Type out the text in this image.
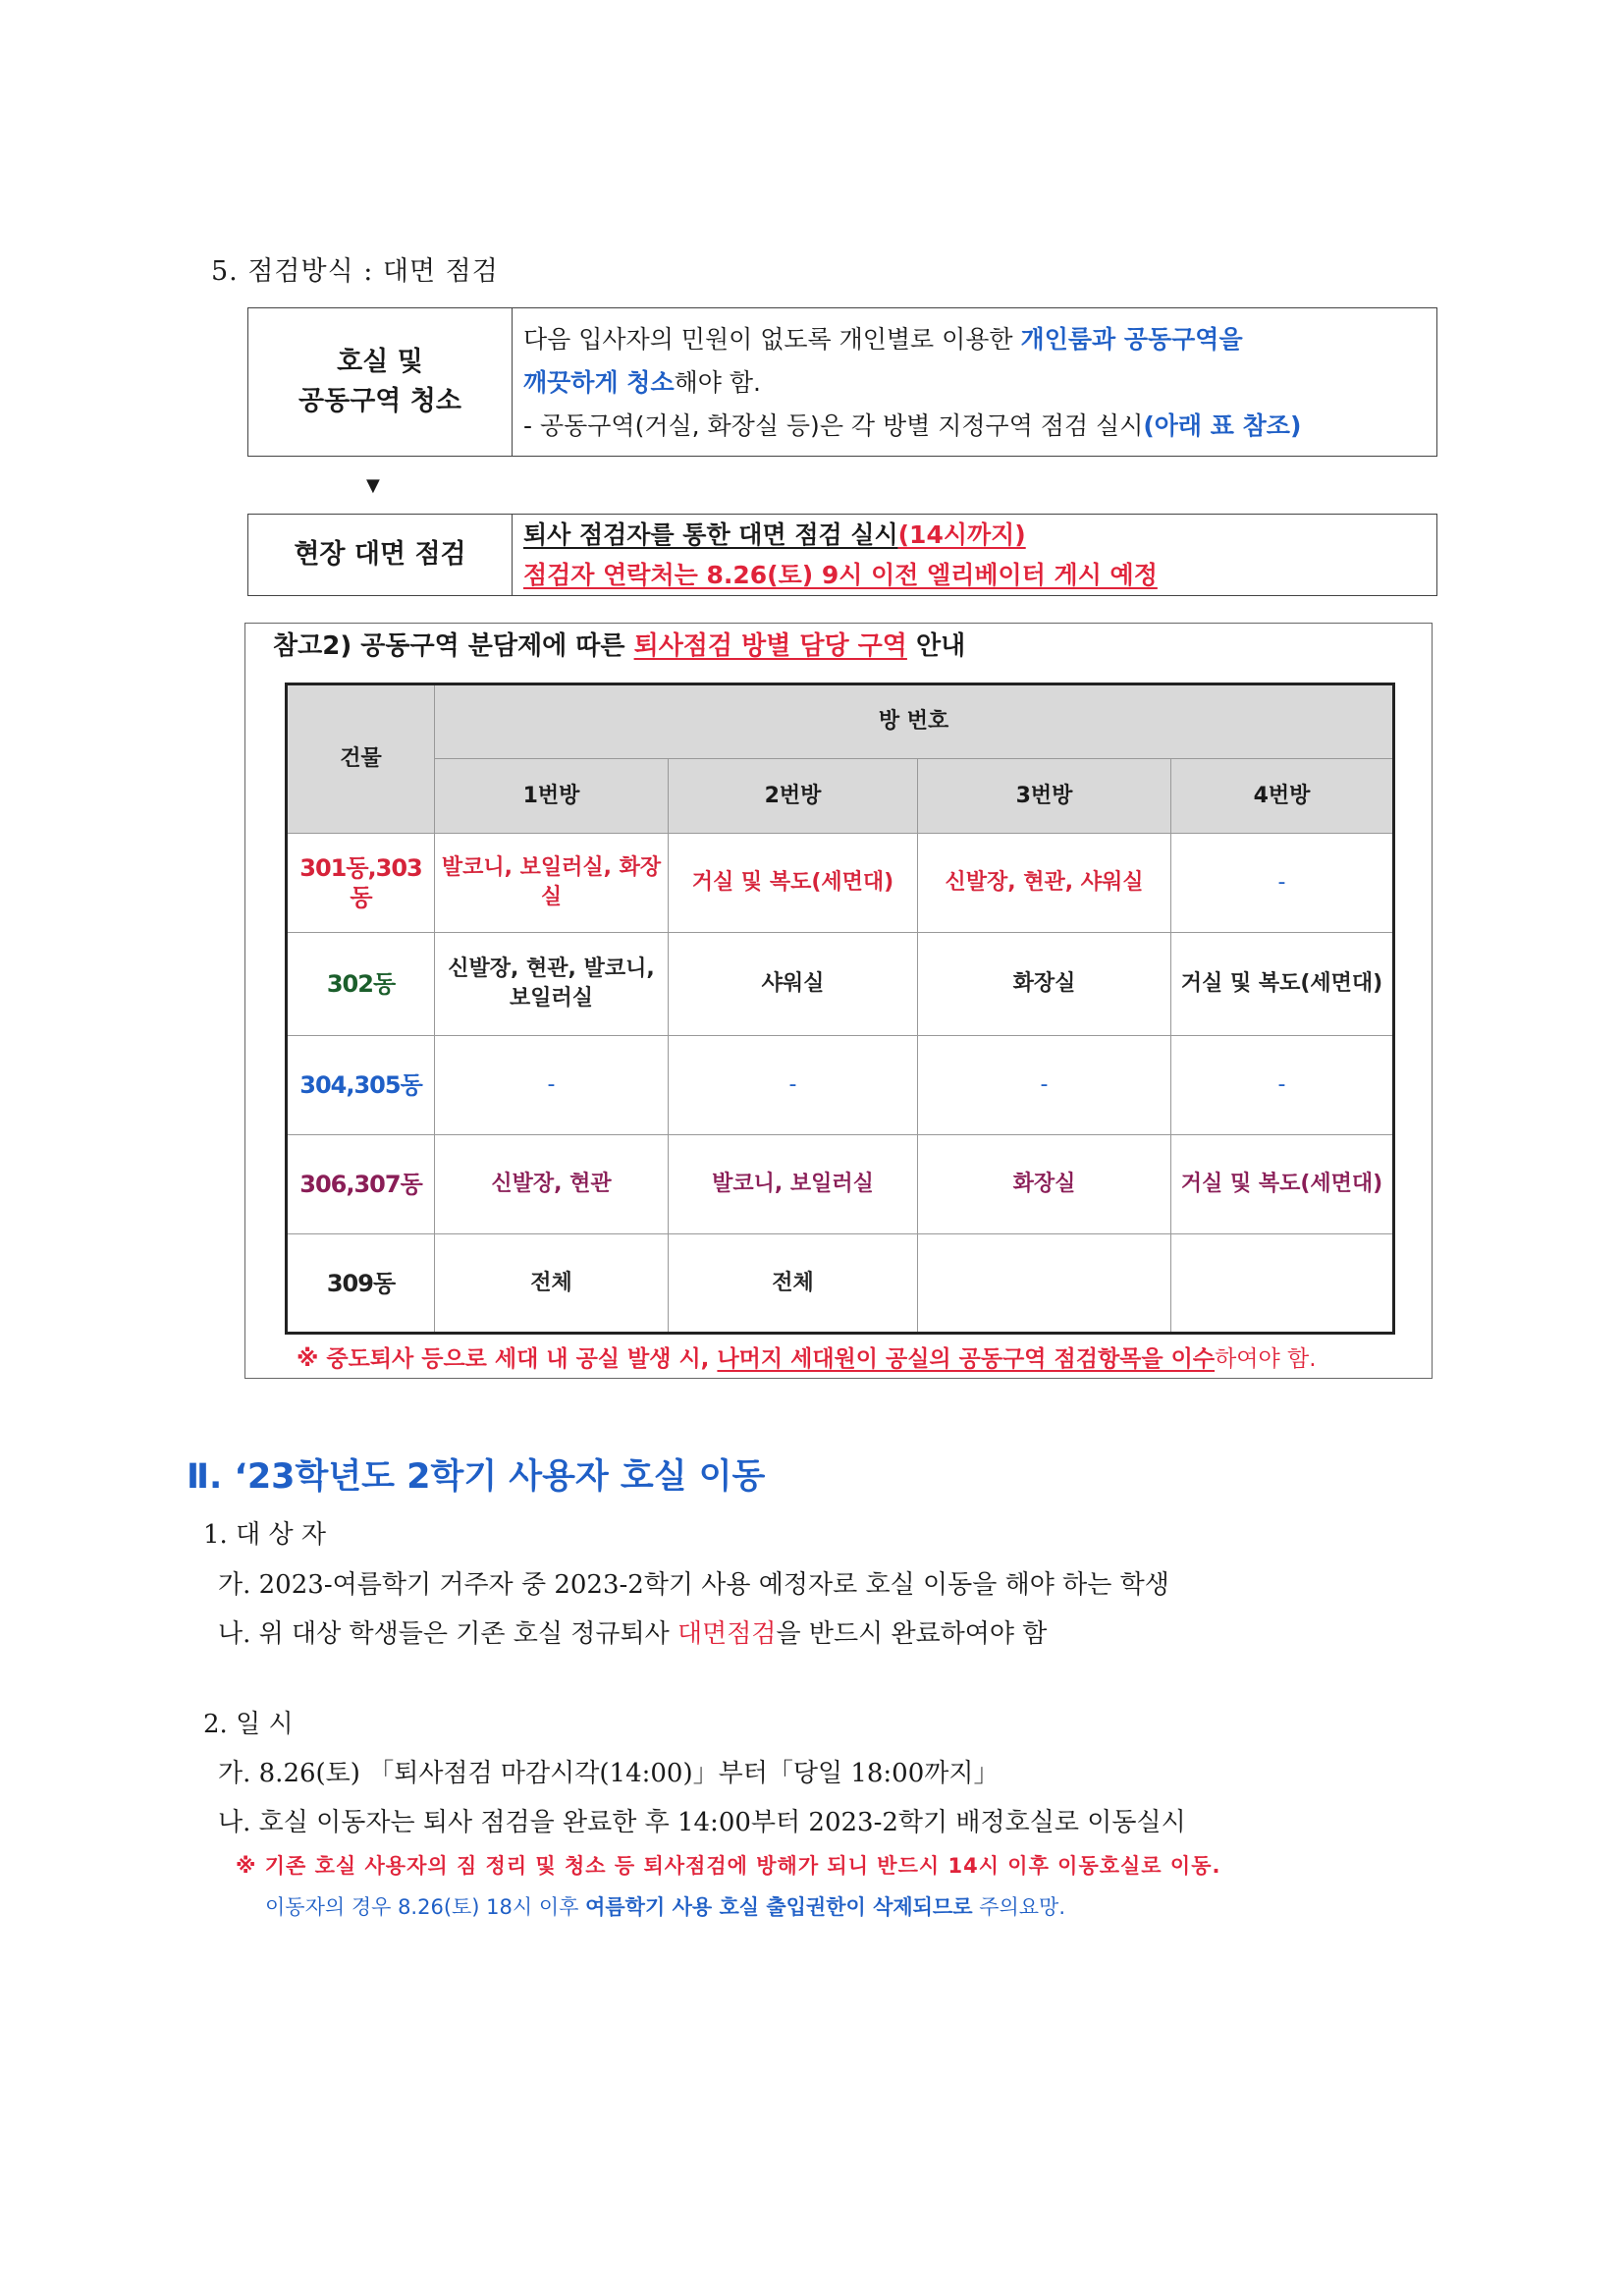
5. 점검방식 : 대면 점검
호실 및
공동구역 청소
다음 입사자의 민원이 없도록 개인별로 이용한 개인룸과 공동구역을
깨끗하게 청소해야 함.
- 공동구역(거실, 화장실 등)은 각 방별 지정구역 점검 실시(아래 표 참조)
▼
현장 대면 점검
퇴사 점검자를 통한 대면 점검 실시(14시까지)
점검자 연락처는 8.26(토) 9시 이전 엘리베이터 게시 예정
참고2) 공동구역 분담제에 따른 퇴사점검 방별 담당 구역 안내
건물	방 번호			
	1번방	2번방	3번방	4번방
301동,303동	발코니, 보일러실, 화장실	거실 및 복도(세면대)	신발장, 현관, 샤워실	-
302동	신발장, 현관, 발코니, 보일러실	샤워실	화장실	거실 및 복도(세면대)
304,305동	-	-	-	-
306,307동	신발장, 현관	발코니, 보일러실	화장실	거실 및 복도(세면대)
309동	전체	전체		
※ 중도퇴사 등으로 세대 내 공실 발생 시, 나머지 세대원이 공실의 공동구역 점검항목을 이수하여야 함.
Ⅱ. ‘23학년도 2학기 사용자 호실 이동
1. 대 상 자
가. 2023-여름학기 거주자 중 2023-2학기 사용 예정자로 호실 이동을 해야 하는 학생
나. 위 대상 학생들은 기존 호실 정규퇴사 대면점검을 반드시 완료하여야 함
2. 일 시
가. 8.26(토) 「퇴사점검 마감시각(14:00)」부터「당일 18:00까지」
나. 호실 이동자는 퇴사 점검을 완료한 후 14:00부터 2023-2학기 배정호실로 이동실시
※ 기존 호실 사용자의 짐 정리 및 청소 등 퇴사점검에 방해가 되니 반드시 14시 이후 이동호실로 이동.
이동자의 경우 8.26(토) 18시 이후 여름학기 사용 호실 출입권한이 삭제되므로 주의요망.
